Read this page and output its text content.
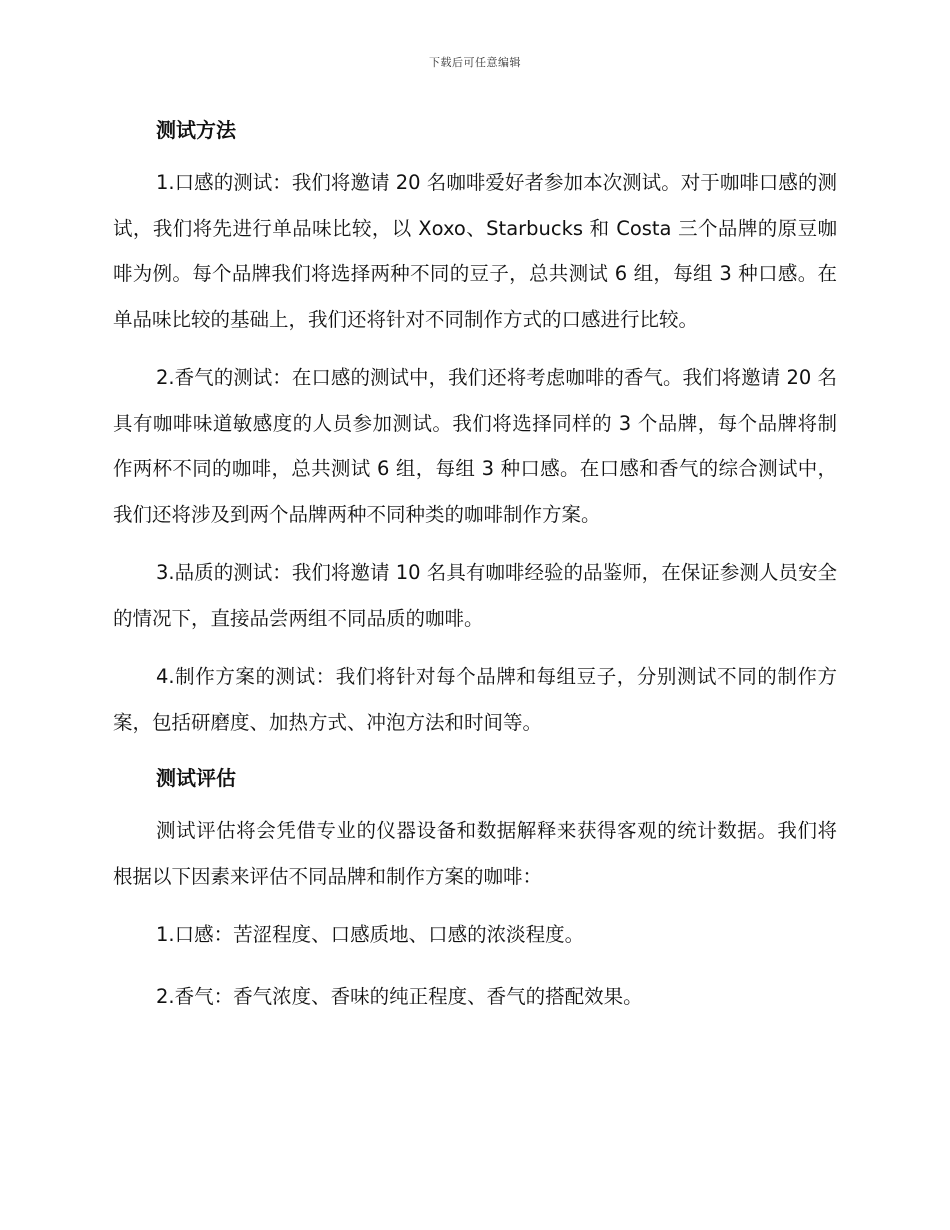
下载后可任意编辑
测试方法

1.口感的测试：我们将邀请 20 名咖啡爱好者参加本次测试。对于咖啡口感的测试，我们将先进行单品味比较，以 Xoxo、Starbucks 和 Costa 三个品牌的原豆咖啡为例。每个品牌我们将选择两种不同的豆子，总共测试 6 组，每组 3 种口感。在单品味比较的基础上，我们还将针对不同制作方式的口感进行比较。

2.香气的测试：在口感的测试中，我们还将考虑咖啡的香气。我们将邀请 20 名具有咖啡味道敏感度的人员参加测试。我们将选择同样的 3 个品牌，每个品牌将制作两杯不同的咖啡，总共测试 6 组，每组 3 种口感。在口感和香气的综合测试中，我们还将涉及到两个品牌两种不同种类的咖啡制作方案。

3.品质的测试：我们将邀请 10 名具有咖啡经验的品鉴师，在保证参测人员安全的情况下，直接品尝两组不同品质的咖啡。

4.制作方案的测试：我们将针对每个品牌和每组豆子，分别测试不同的制作方案，包括研磨度、加热方式、冲泡方法和时间等。

测试评估

测试评估将会凭借专业的仪器设备和数据解释来获得客观的统计数据。我们将根据以下因素来评估不同品牌和制作方案的咖啡：

1.口感：苦涩程度、口感质地、口感的浓淡程度。

2.香气：香气浓度、香味的纯正程度、香气的搭配效果。
